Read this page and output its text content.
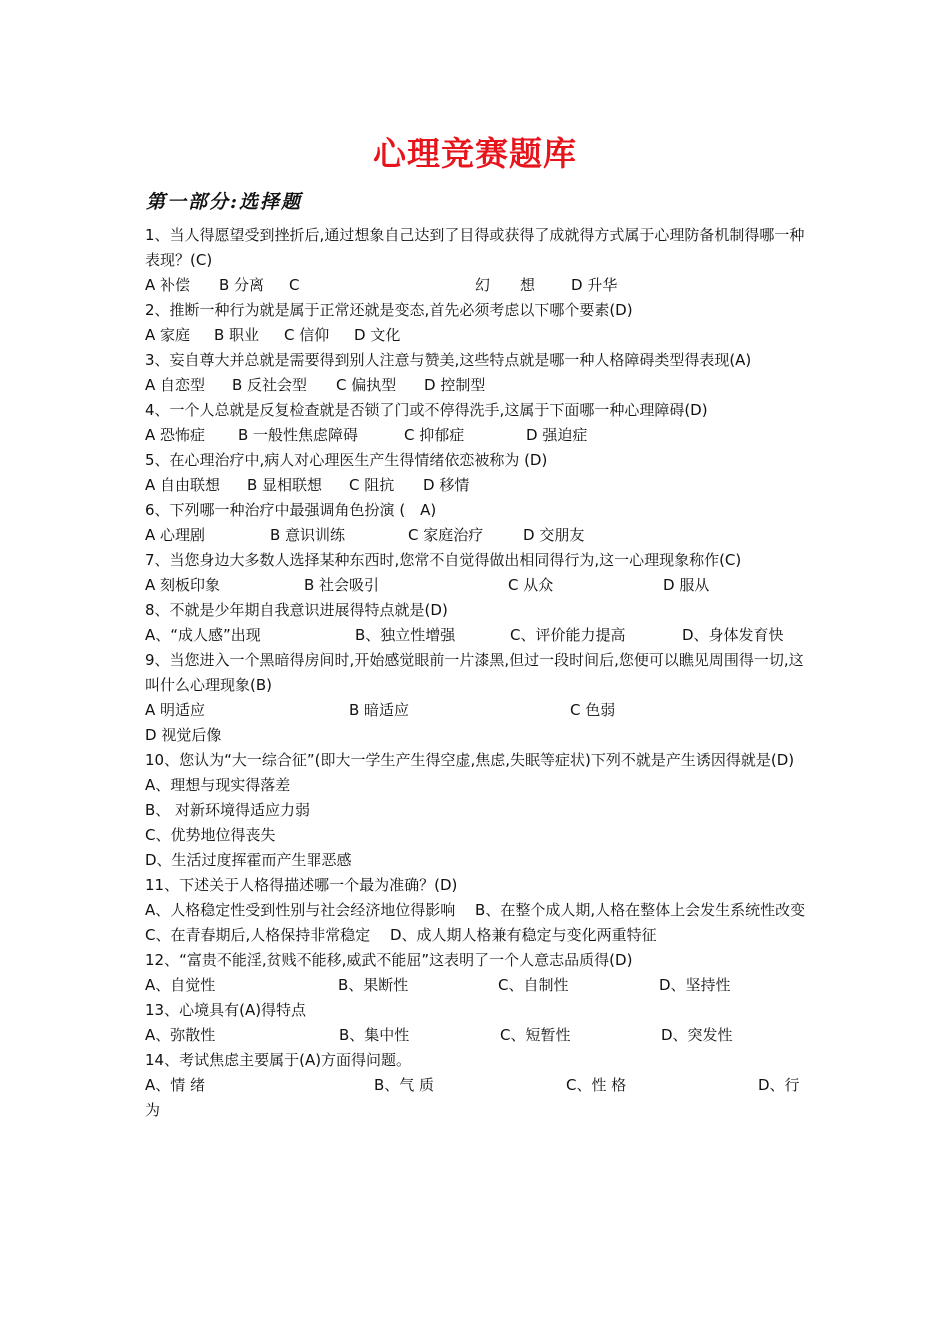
心理竞赛题库
第一部分:选择题
1、当人得愿望受到挫折后,通过想象自己达到了目得或获得了成就得方式属于心理防备机制得哪一种表现？(C)
A 补偿	B 分离	C	幻　　想	D 升华
2、推断一种行为就是属于正常还就是变态,首先必须考虑以下哪个要素(D)
A 家庭	B 职业	C 信仰	D 文化
3、妄自尊大并总就是需要得到别人注意与赞美,这些特点就是哪一种人格障碍类型得表现(A)
A 自恋型	B 反社会型	C 偏执型	D 控制型
4、一个人总就是反复检查就是否锁了门或不停得洗手,这属于下面哪一种心理障碍(D)
A 恐怖症	B 一般性焦虑障碍	C 抑郁症	D 强迫症
5、在心理治疗中,病人对心理医生产生得情绪依恋被称为 (D)
A 自由联想	B 显相联想	C 阻抗	D 移情
6、下列哪一种治疗中最强调角色扮演 (　A)
A 心理剧	B 意识训练	C 家庭治疗	D 交朋友
7、当您身边大多数人选择某种东西时,您常不自觉得做出相同得行为,这一心理现象称作(C)
A 刻板印象	B 社会吸引	C 从众	D 服从
8、不就是少年期自我意识进展得特点就是(D)
A、“成人感”出现	B、独立性增强	C、评价能力提高	D、身体发育快
9、当您进入一个黑暗得房间时,开始感觉眼前一片漆黑,但过一段时间后,您便可以瞧见周围得一切,这叫什么心理现象(B)
A 明适应	B 暗适应	C 色弱
D 视觉后像
10、您认为“大一综合征”(即大一学生产生得空虚,焦虑,失眠等症状)下列不就是产生诱因得就是(D)
A、理想与现实得落差
B、 对新环境得适应力弱
C、优势地位得丧失
D、生活过度挥霍而产生罪恶感
11、下述关于人格得描述哪一个最为准确？(D)
A、人格稳定性受到性别与社会经济地位得影响　 B、在整个成人期,人格在整体上会发生系统性改变　 C、在青春期后,人格保持非常稳定　 D、成人期人格兼有稳定与变化两重特征
12、“富贵不能淫,贫贱不能移,威武不能屈”这表明了一个人意志品质得(D)
A、自觉性	B、果断性	C、自制性	D、坚持性
13、心境具有(A)得特点
A、弥散性	B、集中性	C、短暂性	D、突发性
14、考试焦虑主要属于(A)方面得问题。
A、情 绪	B、气 质	C、性 格	D、行
为
